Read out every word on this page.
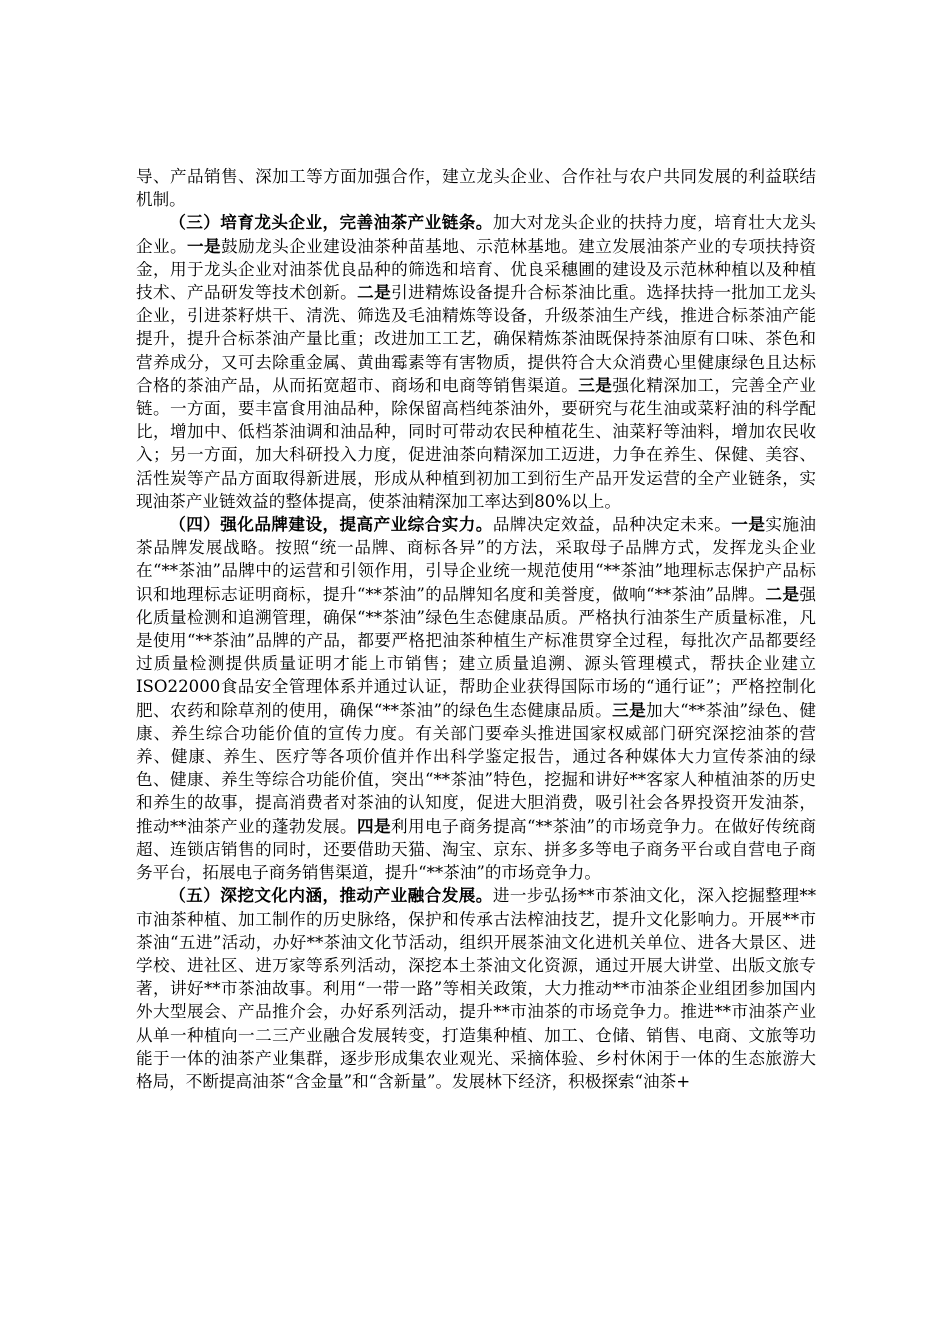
导、产品销售、深加工等方面加强合作，建立龙头企业、合作社与农户共同发展的利益联结机制。

（三）培育龙头企业，完善油茶产业链条。加大对龙头企业的扶持力度，培育壮大龙头企业。一是鼓励龙头企业建设油茶种苗基地、示范林基地。建立发展油茶产业的专项扶持资金，用于龙头企业对油茶优良品种的筛选和培育、优良采穗圃的建设及示范林种植以及种植技术、产品研发等技术创新。二是引进精炼设备提升合标茶油比重。选择扶持一批加工龙头企业，引进茶籽烘干、清洗、筛选及毛油精炼等设备，升级茶油生产线，推进合标茶油产能提升，提升合标茶油产量比重；改进加工工艺，确保精炼茶油既保持茶油原有口味、茶色和营养成分，又可去除重金属、黄曲霉素等有害物质，提供符合大众消费心里健康绿色且达标合格的茶油产品，从而拓宽超市、商场和电商等销售渠道。三是强化精深加工，完善全产业链。一方面，要丰富食用油品种，除保留高档纯茶油外，要研究与花生油或菜籽油的科学配比，增加中、低档茶油调和油品种，同时可带动农民种植花生、油菜籽等油料，增加农民收入；另一方面，加大科研投入力度，促进油茶向精深加工迈进，力争在养生、保健、美容、活性炭等产品方面取得新进展，形成从种植到初加工到衍生产品开发运营的全产业链条，实现油茶产业链效益的整体提高，使茶油精深加工率达到80%以上。

（四）强化品牌建设，提高产业综合实力。品牌决定效益，品种决定未来。一是实施油茶品牌发展战略。按照“统一品牌、商标各异”的方法，采取母子品牌方式，发挥龙头企业在“**茶油”品牌中的运营和引领作用，引导企业统一规范使用“**茶油”地理标志保护产品标识和地理标志证明商标，提升“**茶油”的品牌知名度和美誉度，做响“**茶油”品牌。二是强化质量检测和追溯管理，确保“**茶油”绿色生态健康品质。严格执行油茶生产质量标准，凡是使用“**茶油”品牌的产品，都要严格把油茶种植生产标准贯穿全过程，每批次产品都要经过质量检测提供质量证明才能上市销售；建立质量追溯、源头管理模式，帮扶企业建立ISO22000食品安全管理体系并通过认证，帮助企业获得国际市场的“通行证”；严格控制化肥、农药和除草剂的使用，确保“**茶油”的绿色生态健康品质。三是加大“**茶油”绿色、健康、养生综合功能价值的宣传力度。有关部门要牵头推进国家权威部门研究深挖油茶的营养、健康、养生、医疗等各项价值并作出科学鉴定报告，通过各种媒体大力宣传茶油的绿色、健康、养生等综合功能价值，突出“**茶油”特色，挖掘和讲好**客家人种植油茶的历史和养生的故事，提高消费者对茶油的认知度，促进大胆消费，吸引社会各界投资开发油茶，推动**油茶产业的蓬勃发展。四是利用电子商务提高“**茶油”的市场竞争力。在做好传统商超、连锁店销售的同时，还要借助天猫、淘宝、京东、拼多多等电子商务平台或自营电子商务平台，拓展电子商务销售渠道，提升“**茶油”的市场竞争力。

（五）深挖文化内涵，推动产业融合发展。进一步弘扬**市茶油文化，深入挖掘整理**市油茶种植、加工制作的历史脉络，保护和传承古法榨油技艺，提升文化影响力。开展**市茶油“五进”活动，办好**茶油文化节活动，组织开展茶油文化进机关单位、进各大景区、进学校、进社区、进万家等系列活动，深挖本土茶油文化资源，通过开展大讲堂、出版文旅专著，讲好**市茶油故事。利用“一带一路”等相关政策，大力推动**市油茶企业组团参加国内外大型展会、产品推介会，办好系列活动，提升**市油茶的市场竞争力。推进**市油茶产业从单一种植向一二三产业融合发展转变，打造集种植、加工、仓储、销售、电商、文旅等功能于一体的油茶产业集群，逐步形成集农业观光、采摘体验、乡村休闲于一体的生态旅游大格局，不断提高油茶“含金量”和“含新量”。发展林下经济，积极探索“油茶+
